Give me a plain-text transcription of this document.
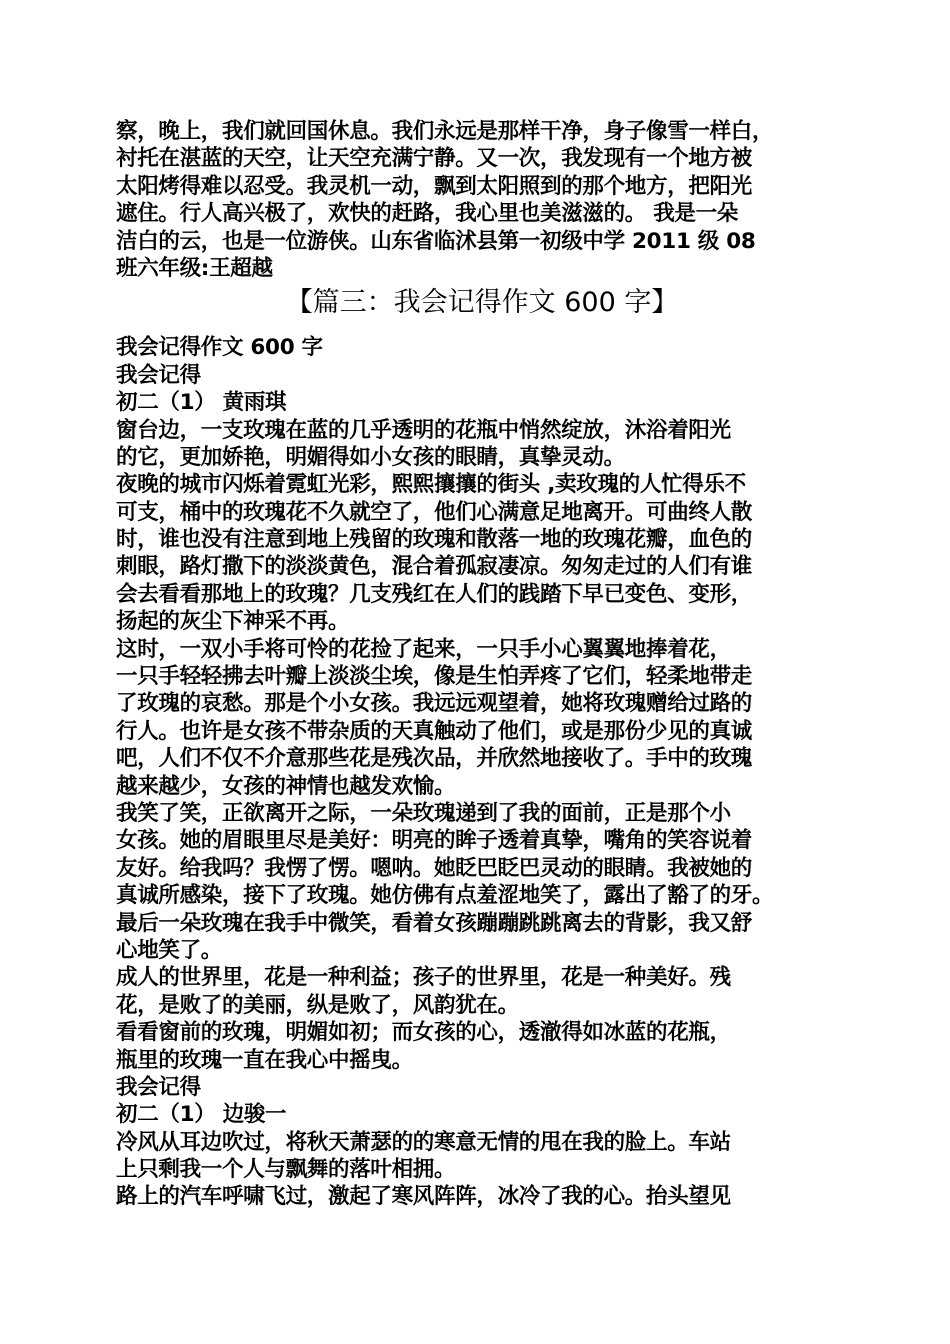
察，晚上，我们就回国休息。我们永远是那样干净，身子像雪一样白，
衬托在湛蓝的天空，让天空充满宁静。又一次，我发现有一个地方被
太阳烤得难以忍受。我灵机一动，飘到太阳照到的那个地方，把阳光
遮住。行人高兴极了，欢快的赶路，我心里也美滋滋的。 我是一朵
洁白的云，也是一位游侠。山东省临沭县第一初级中学 2011 级 08
班六年级:王超越
【篇三：我会记得作文 600 字】
我会记得作文 600 字
我会记得
初二（1） 黄雨琪
窗台边，一支玫瑰在蓝的几乎透明的花瓶中悄然绽放，沐浴着阳光
的它，更加娇艳，明媚得如小女孩的眼睛，真挚灵动。
夜晚的城市闪烁着霓虹光彩，熙熙攘攘的街头 ,卖玫瑰的人忙得乐不
可支，桶中的玫瑰花不久就空了，他们心满意足地离开。可曲终人散
时，谁也没有注意到地上残留的玫瑰和散落一地的玫瑰花瓣，血色的
刺眼，路灯撒下的淡淡黄色，混合着孤寂凄凉。匆匆走过的人们有谁
会去看看那地上的玫瑰？几支残红在人们的践踏下早已变色、变形，
扬起的灰尘下神采不再。
这时，一双小手将可怜的花捡了起来，一只手小心翼翼地捧着花，
一只手轻轻拂去叶瓣上淡淡尘埃，像是生怕弄疼了它们，轻柔地带走
了玫瑰的哀愁。那是个小女孩。我远远观望着，她将玫瑰赠给过路的
行人。也许是女孩不带杂质的天真触动了他们，或是那份少见的真诚
吧，人们不仅不介意那些花是残次品，并欣然地接收了。手中的玫瑰
越来越少，女孩的神情也越发欢愉。
我笑了笑，正欲离开之际，一朵玫瑰递到了我的面前，正是那个小
女孩。她的眉眼里尽是美好：明亮的眸子透着真挚，嘴角的笑容说着
友好。给我吗？我愣了愣。嗯呐。她眨巴眨巴灵动的眼睛。我被她的
真诚所感染，接下了玫瑰。她仿佛有点羞涩地笑了，露出了豁了的牙。
最后一朵玫瑰在我手中微笑，看着女孩蹦蹦跳跳离去的背影，我又舒
心地笑了。
成人的世界里，花是一种利益；孩子的世界里，花是一种美好。残
花，是败了的美丽，纵是败了，风韵犹在。
看看窗前的玫瑰，明媚如初；而女孩的心，透澈得如冰蓝的花瓶，
瓶里的玫瑰一直在我心中摇曳。
我会记得
初二（1） 边骏一
冷风从耳边吹过，将秋天萧瑟的的寒意无情的甩在我的脸上。车站
上只剩我一个人与飘舞的落叶相拥。
路上的汽车呼啸飞过，激起了寒风阵阵，冰冷了我的心。抬头望见
